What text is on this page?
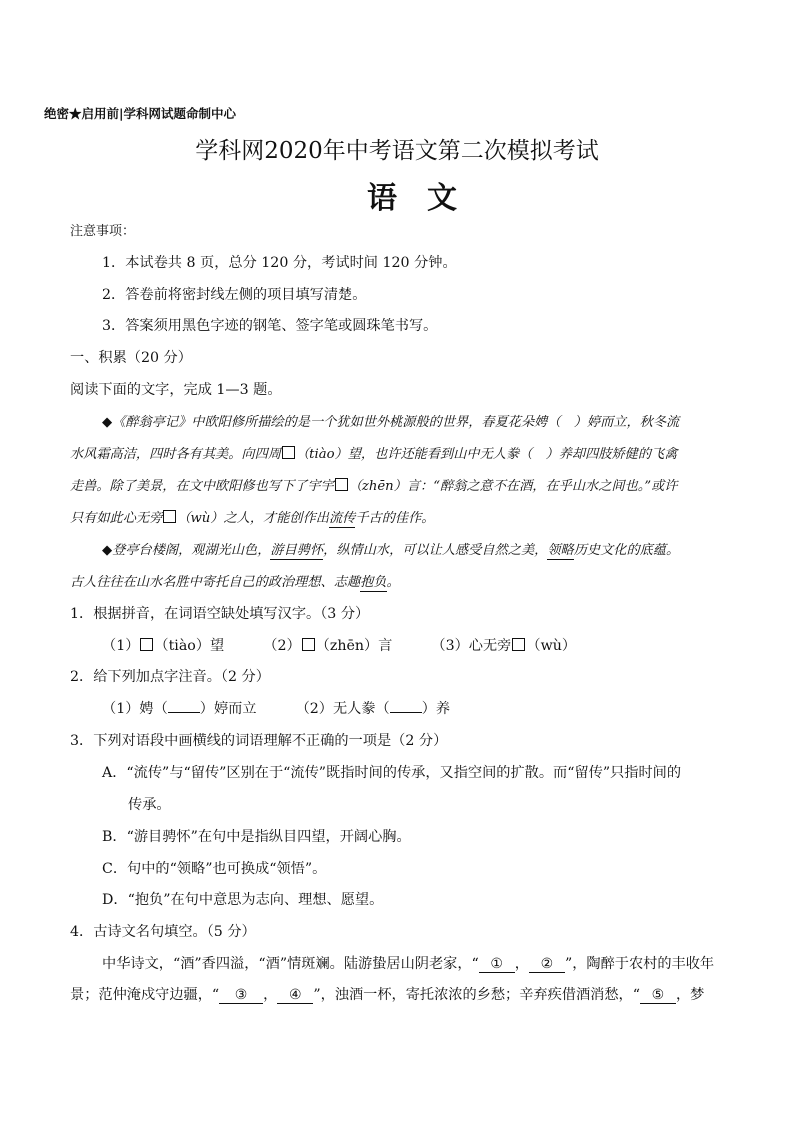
绝密★启用前|学科网试题命制中心
学科网2020年中考语文第二次模拟考试
语文
注意事项：
1．本试卷共 8 页，总分 120 分，考试时间 120 分钟。
2．答卷前将密封线左侧的项目填写清楚。
3．答案须用黑色字迹的钢笔、签字笔或圆珠笔书写。
一、积累（20 分）
阅读下面的文字，完成 1—3 题。
◆《醉翁亭记》中欧阳修所描绘的是一个犹如世外桃源般的世界，春夏花朵娉（　）婷而立，秋冬流
水风霜高洁，四时各有其美。向四周 （tiào）望，也许还能看到山中无人豢（　）养却四肢矫健的飞禽
走兽。除了美景，在文中欧阳修也写下了宇宇 （zhēn）言：“醉翁之意不在酒，在乎山水之间也。”或许
只有如此心无旁 （wù）之人，才能创作出流传千古的佳作。
◆登亭台楼阁，观湖光山色，游目骋怀，纵情山水，可以让人感受自然之美，领略历史文化的底蕴。
古人往往在山水名胜中寄托自己的政治理想、志趣抱负。
1．根据拼音，在词语空缺处填写汉字。（3 分）
（1） （tiào）望	（2） （zhēn）言	（3）心无旁 （wù）
2．给下列加点字注音。（2 分）
（1）娉（ ）婷而立	（2）无人豢（ ）养
3．下列对语段中画横线的词语理解不正确的一项是（2 分）
A．“流传”与“留传”区别在于“流传”既指时间的传承，又指空间的扩散。而“留传”只指时间的
传承。
B．“游目骋怀”在句中是指纵目四望，开阔心胸。
C．句中的“领略”也可换成“领悟”。
D．“抱负”在句中意思为志向、理想、愿望。
4．古诗文名句填空。（5 分）
中华诗文，“酒”香四溢，“酒”情斑斓。陆游蛰居山阴老家，“ ① ， ② ”，陶醉于农村的丰收年
景；范仲淹戍守边疆，“ ③ ， ④ ”，浊酒一杯，寄托浓浓的乡愁；辛弃疾借酒消愁，“ ⑤ ，梦
